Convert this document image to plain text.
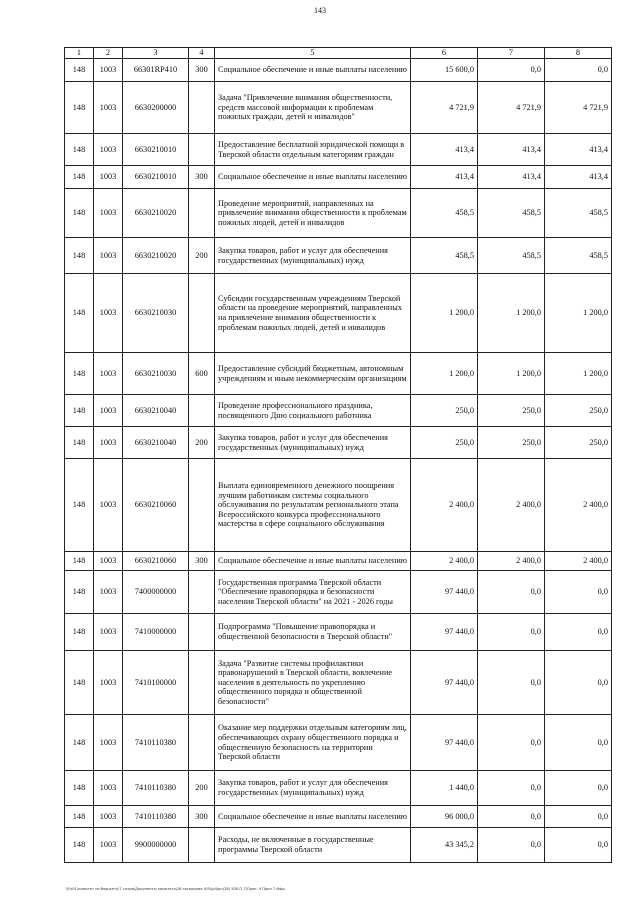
143
1	2	3	4	5	6	7	8
148	1003	66301RP410	300	Социальное обеспечение и иные выплаты населению	15 600,0	0,0	0,0
148	1003	6630200000		Задача "Привлечение внимания общественности, средств массовой информации к проблемам пожилых граждан, детей и инвалидов"	4 721,9	4 721,9	4 721,9
148	1003	6630210010		Предоставление бесплатной юридической помощи в Тверской области отдельным категориям граждан	413,4	413,4	413,4
148	1003	6630210010	300	Социальное обеспечение и иные выплаты населению	413,4	413,4	413,4
148	1003	6630210020		Проведение мероприятий, направленных на привлечение внимания общественности к проблемам пожилых людей, детей и инвалидов	458,5	458,5	458,5
148	1003	6630210020	200	Закупка товаров, работ и услуг для обеспечения государственных (муниципальных) нужд	458,5	458,5	458,5
148	1003	6630210030		Субсидии государственным учреждениям Тверской области на проведение мероприятий, направленных на привлечение внимания общественности к проблемам пожилых людей, детей и инвалидов	1 200,0	1 200,0	1 200,0
148	1003	6630210030	600	Предоставление субсидий бюджетным, автономным учреждениям и иным некоммерческим организациям	1 200,0	1 200,0	1 200,0
148	1003	6630210040		Проведение профессионального праздника, посвященного Дню социального работника	250,0	250,0	250,0
148	1003	6630210040	200	Закупка товаров, работ и услуг для обеспечения государственных (муниципальных) нужд	250,0	250,0	250,0
148	1003	6630210060		Выплата единовременного денежного поощрения лучшим работникам системы социального обслуживания по результатам регионального этапа Всероссийского конкурса профессионального мастерства в сфере социального обслуживания	2 400,0	2 400,0	2 400,0
148	1003	6630210060	300	Социальное обеспечение и иные выплаты населению	2 400,0	2 400,0	2 400,0
148	1003	7400000000		Государственная программа Тверской области "Обеспечение правопорядка и безопасности населения Тверской области" на 2021 - 2026 годы	97 440,0	0,0	0,0
148	1003	7410000000		Подпрограмма "Повышение правопорядка и общественной безопасности в Тверской области"	97 440,0	0,0	0,0
148	1003	7410100000		Задача "Развитие системы профилактики правонарушений в Тверской области, вовлечение населения в деятельность по укреплению общественного порядка и общественной безопасности"	97 440,0	0,0	0,0
148	1003	7410110380		Оказание мер поддержки отдельным категориям лиц, обеспечивающих охрану общественного порядка и общественную безопасность на территории Тверской области	97 440,0	0,0	0,0
148	1003	7410110380	200	Закупка товаров, работ и услуг для обеспечения государственных (муниципальных) нужд	1 440,0	0,0	0,0
148	1003	7410110380	300	Социальное обеспечение и иные выплаты населению	96 000,0	0,0	0,0
148	1003	9900000000		Расходы, не включенные в государственные программы Тверской области	43 345,2	0,0	0,0
\\Fs01\комитет по бюджету\7 созыв\Документы комитета\28 заседание (09)\р4\рн(28) 508-П-7\Прил. 4 Прил 7 Ифд.
